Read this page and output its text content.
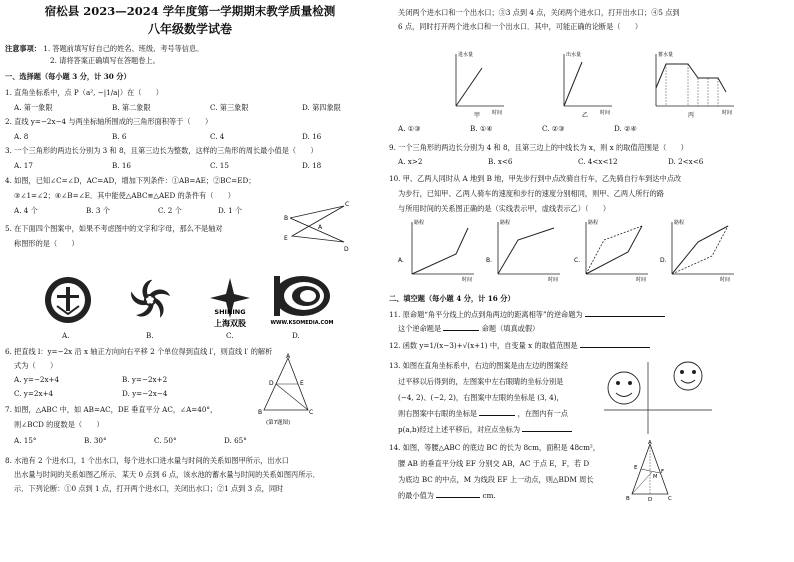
宿松县 2023—2024 学年度第一学期期末教学质量检测
八年级数学试卷
注意事项： 1. 答题前填写好自己的姓名、班级、考号等信息。
2. 请将答案正确填写在答题卷上。
一、选择题（每小题 3 分，计 30 分）
1. 直角坐标系中，点 P（a², −|1/a|）在（　　）
A. 第一象限	B. 第二象限	C. 第三象限	D. 第四象限
2. 直线 y=−2x−4 与两坐标轴所围成的三角形面积等于（　　）
A. 8	B. 6	C. 4	D. 16
3. 一个三角形的两边长分别为 3 和 8，且第三边长为整数，这样的三角形的周长最小值是（　　）
A. 17	B. 16	C. 15	D. 18
4. 如图，已知∠C=∠D，AC=AD，增加下列条件：①AB=AE；②BC=ED；
③∠1=∠2；④∠B=∠E．其中能使△ABC≌△AED 的条件有（　　）
A. 4 个	B. 3 个	C. 2 个	D. 1 个
B
E
C
D
A
5. 在下面四个图案中，如果不考虑图中的文字和字母，那么不是轴对
称图形的是（　　）
SHINING
上海双股	WWW.KSOMEDIA.COM
A.	B.	C.	D.
6. 把直线 l：y=−2x 沿 x 轴正方向向右平移 2 个单位得到直线 l′，则直线 l′ 的解析
式为（　　）
A. y=−2x+4	B. y=−2x+2
C. y=2x+4	D. y=−2x−4
7. 如图，△ABC 中，如 AB=AC，DE 垂直平分 AC，∠A=40°，
则∠BCD 的度数是（　　）
A. 15°	B. 30°	C. 50°	D. 65°
A
B	C
D	E
(第7题图)
8. 水池有 2 个进水口，1 个出水口，每个进水口进水量与时间的关系如图甲所示，出水口
出水量与时间的关系如图乙所示．某天 0 点到 6 点，该水池的蓄水量与时间的关系如图丙所示．
示．下列论断：①0 点到 1 点，打开两个进水口，关闭出水口；②1 点到 3 点，同时
关闭两个进水口和一个出水口；③3 点到 4 点，关闭两个进水口，打开出水口；④5 点到
6 点，同时打开两个进水口和一个出水口．其中，可能正确的论断是（　　）
进水量
时间
甲
出水量
时间
乙
蓄水量
时间
丙
A. ①③	B. ①④	C. ②③	D. ②④
9. 一个三角形的两边长分别为 4 和 8，且第三边上的中线长为 x，则 x 的取值范围是（　　）
A. x>2	B. x<6	C. 4<x<12	D. 2<x<6
10. 甲、乙两人同时从 A 地到 B 地，甲先步行到中点改骑自行车，乙先骑自行车到达中点改
为步行，已知甲、乙两人骑车的速度和步行的速度分别相同，则甲、乙两人所行的路
与所用时间的关系图正确的是（实线表示甲，虚线表示乙）（　　）
路程
时间
A.
路程
时间
B.
路程
时间
C.
路程
时间
D.
二、填空题（每小题 4 分，计 16 分）
11. 原命题“角平分线上的点到角两边的距离相等”的逆命题为
这个逆命题是	命题（填真或假）
12. 函数 y=1/(x−3)+√(x+1) 中，自变量 x 的取值范围是
13. 如图在直角坐标系中，右边的图案是由左边的图案经
过平移以后得到的，左图案中左右眼睛的坐标分别是
(−4, 2)、(−2, 2)，右图案中左眼的坐标是 (3, 4)，
则右图案中右眼的坐标是	，在图内有一点
p(a,b)经过上述平移后，对应点坐标为
14. 如图，等腰△ABC 的底边 BC 的长为 8cm，面积是 48cm²，
腰 AB 的垂直平分线 EF 分别交 AB，AC 于点 E，F，若 D
为底边 BC 的中点，M 为线段 EF 上一动点，则△BDM 周长
的最小值为	cm.
A
B	C
D
E
F
M
